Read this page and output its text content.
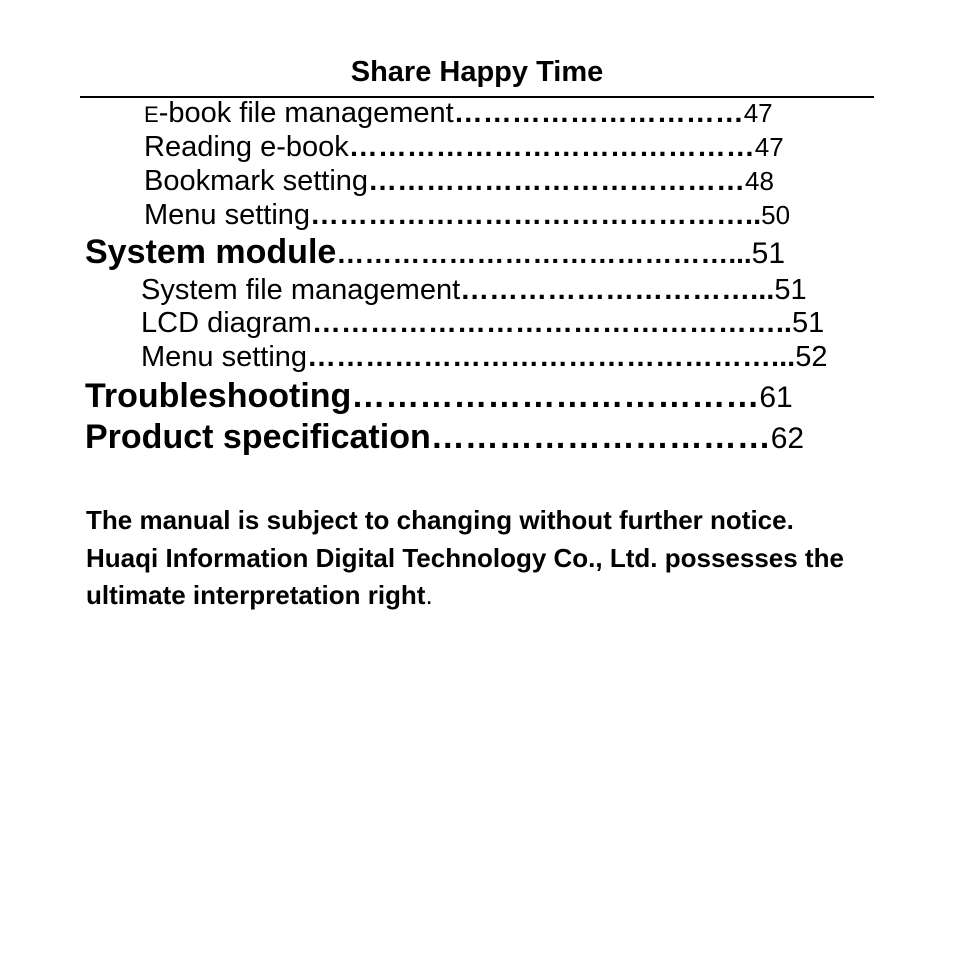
Share Happy Time
E-book file management…………………………47
Reading e-book……………………………………47
Bookmark setting…………………………………48
Menu setting………………………………………..50
System module……………………………………...51
System file management…………………………...51
LCD diagram…………………………………………..51
Menu setting…………………………………………...52
Troubleshooting………………………………61
Product specification…………………………62
The manual is subject to changing without further notice. Huaqi Information Digital Technology Co., Ltd. possesses the ultimate interpretation right.
